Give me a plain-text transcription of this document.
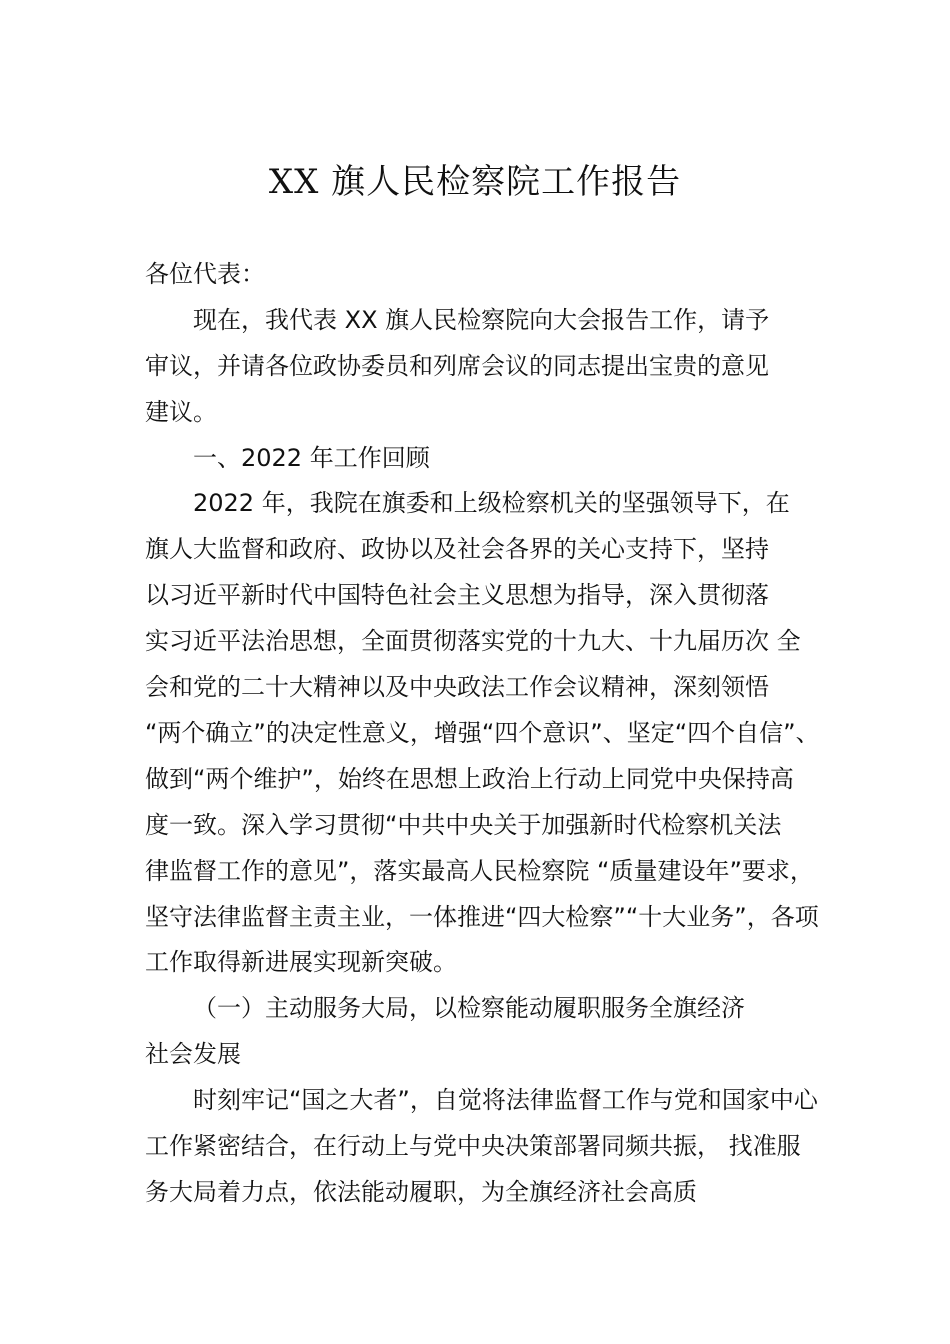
XX 旗人民检察院工作报告
各位代表：
现在，我代表 XX 旗人民检察院向大会报告工作，请予
审议，并请各位政协委员和列席会议的同志提出宝贵的意见
建议。
一、2022 年工作回顾
2022 年，我院在旗委和上级检察机关的坚强领导下，在
旗人大监督和政府、政协以及社会各界的关心支持下，坚持
以习近平新时代中国特色社会主义思想为指导，深入贯彻落
实习近平法治思想，全面贯彻落实党的十九大、十九届历次 全
会和党的二十大精神以及中央政法工作会议精神，深刻领悟
“两个确立”的决定性意义，增强“四个意识”、坚定“四个自信”、
做到“两个维护”，始终在思想上政治上行动上同党中央保持高
度一致。深入学习贯彻“中共中央关于加强新时代检察机关法
律监督工作的意见”，落实最高人民检察院 “质量建设年”要求，
坚守法律监督主责主业，一体推进“四大检察”“十大业务”，各项
工作取得新进展实现新突破。
（一）主动服务大局，以检察能动履职服务全旗经济
社会发展
时刻牢记“国之大者”，自觉将法律监督工作与党和国家中心
工作紧密结合，在行动上与党中央决策部署同频共振， 找准服
务大局着力点，依法能动履职，为全旗经济社会高质
